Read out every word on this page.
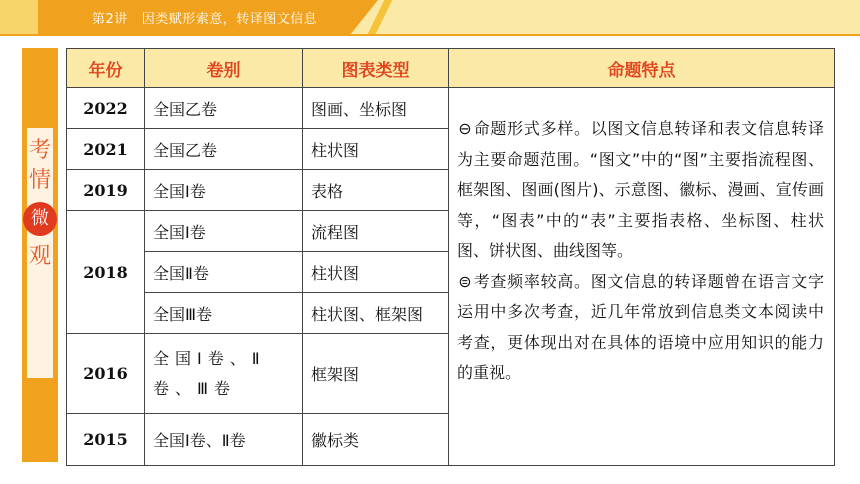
第2讲 因类赋形索意，转译图文信息
考
情
微
观
年份	卷别	图表类型	命题特点
2022	全国乙卷	图画、坐标图	⊖命题形式多样。以图文信息转译和表文信息转译为主要命题范围。“图文”中的“图”主要指流程图、框架图、图画(图片)、示意图、徽标、漫画、宣传画等，“图表”中的“表”主要指表格、坐标图、柱状图、饼状图、曲线图等。
⊜考查频率较高。图文信息的转译题曾在语言文字运用中多次考查，近几年常放到信息类文本阅读中考查，更体现出对在具体的语境中应用知识的能力的重视。

2021	全国乙卷	柱状图	
2019	全国Ⅰ卷	表格	
2018	全国Ⅰ卷	流程图	
	全国Ⅱ卷	柱状图	
	全国Ⅲ卷	柱状图、框架图	
2016	全国Ⅰ卷、Ⅱ卷、Ⅲ卷	框架图	
2015	全国Ⅰ卷、Ⅱ卷	徽标类	
